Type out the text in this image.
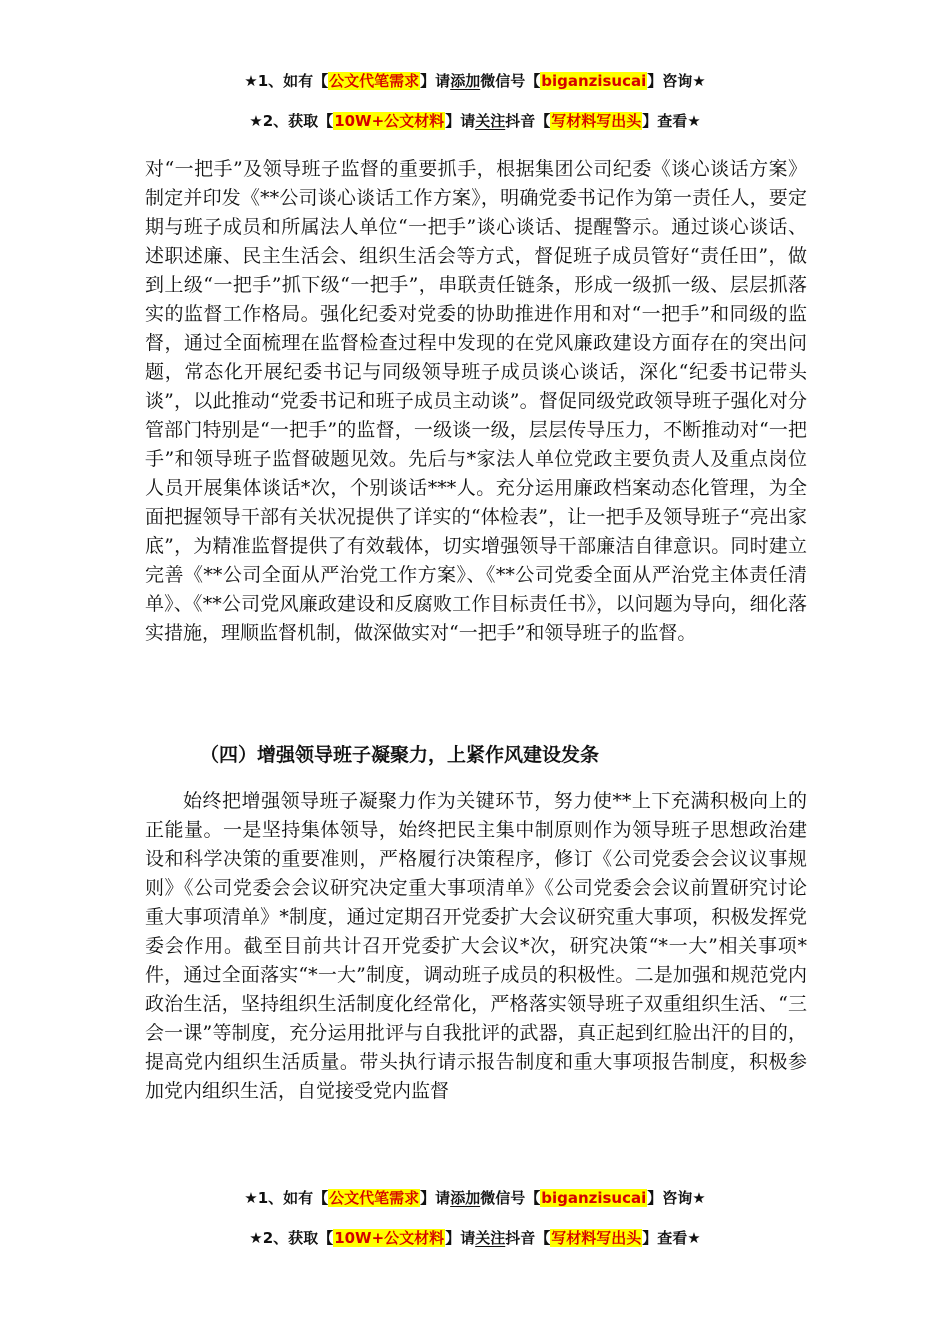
★1、如有【公文代笔需求】请添加微信号【biganzisucai】咨询★
★2、获取【10W+公文材料】请关注抖音【写材料写出头】查看★
对“一把手”及领导班子监督的重要抓手，根据集团公司纪委《谈心谈话方案》制定并印发《**公司谈心谈话工作方案》，明确党委书记作为第一责任人，要定期与班子成员和所属法人单位“一把手”谈心谈话、提醒警示。通过谈心谈话、述职述廉、民主生活会、组织生活会等方式，督促班子成员管好“责任田”，做到上级“一把手”抓下级“一把手”，串联责任链条，形成一级抓一级、层层抓落实的监督工作格局。强化纪委对党委的协助推进作用和对“一把手”和同级的监督，通过全面梳理在监督检查过程中发现的在党风廉政建设方面存在的突出问题，常态化开展纪委书记与同级领导班子成员谈心谈话，深化“纪委书记带头谈”，以此推动“党委书记和班子成员主动谈”。督促同级党政领导班子强化对分管部门特别是“一把手”的监督，一级谈一级，层层传导压力，不断推动对“一把手”和领导班子监督破题见效。先后与*家法人单位党政主要负责人及重点岗位人员开展集体谈话*次，个别谈话***人。充分运用廉政档案动态化管理，为全面把握领导干部有关状况提供了详实的“体检表”，让一把手及领导班子“亮出家底”，为精准监督提供了有效载体，切实增强领导干部廉洁自律意识。同时建立完善《**公司全面从严治党工作方案》、《**公司党委全面从严治党主体责任清单》、《**公司党风廉政建设和反腐败工作目标责任书》，以问题为导向，细化落实措施，理顺监督机制，做深做实对“一把手”和领导班子的监督。
（四）增强领导班子凝聚力，上紧作风建设发条
始终把增强领导班子凝聚力作为关键环节，努力使**上下充满积极向上的正能量。一是坚持集体领导，始终把民主集中制原则作为领导班子思想政治建设和科学决策的重要准则，严格履行决策程序，修订《公司党委会会议议事规则》《公司党委会会议研究决定重大事项清单》《公司党委会会议前置研究讨论重大事项清单》*制度，通过定期召开党委扩大会议研究重大事项，积极发挥党委会作用。截至目前共计召开党委扩大会议*次，研究决策“*一大”相关事项*件，通过全面落实“*一大”制度，调动班子成员的积极性。二是加强和规范党内政治生活，坚持组织生活制度化经常化，严格落实领导班子双重组织生活、“三会一课”等制度，充分运用批评与自我批评的武器，真正起到红脸出汗的目的，提高党内组织生活质量。带头执行请示报告制度和重大事项报告制度，积极参加党内组织生活，自觉接受党内监督
★1、如有【公文代笔需求】请添加微信号【biganzisucai】咨询★
★2、获取【10W+公文材料】请关注抖音【写材料写出头】查看★
